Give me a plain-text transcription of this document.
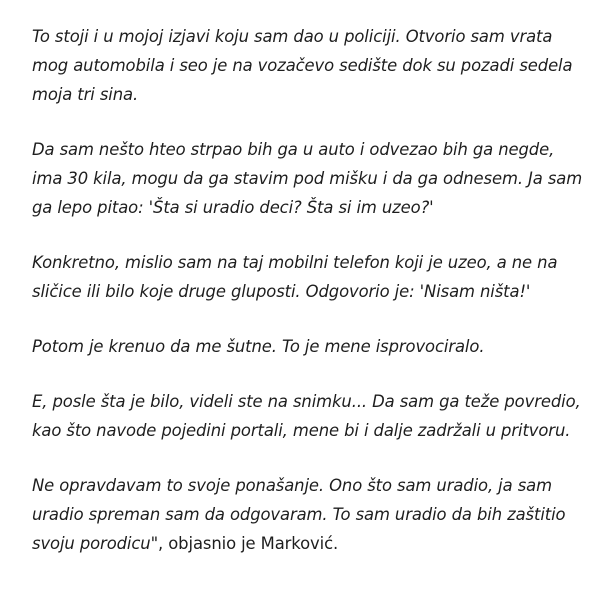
To stoji i u mojoj izjavi koju sam dao u policiji. Otvorio sam vrata mog automobila i seo je na vozačevo sedište dok su pozadi sedela moja tri sina.

Da sam nešto hteo strpao bih ga u auto i odvezao bih ga negde, ima 30 kila, mogu da ga stavim pod mišku i da ga odnesem. Ja sam ga lepo pitao: 'Šta si uradio deci? Šta si im uzeo?'

Konkretno, mislio sam na taj mobilni telefon koji je uzeo, a ne na sličice ili bilo koje druge gluposti. Odgovorio je: 'Nisam ništa!'

Potom je krenuo da me šutne. To je mene isprovociralo.

E, posle šta je bilo, videli ste na snimku... Da sam ga teže povredio, kao što navode pojedini portali, mene bi i dalje zadržali u pritvoru.

Ne opravdavam to svoje ponašanje. Ono što sam uradio, ja sam uradio spreman sam da odgovaram. To sam uradio da bih zaštitio svoju porodicu", objasnio je Marković.
